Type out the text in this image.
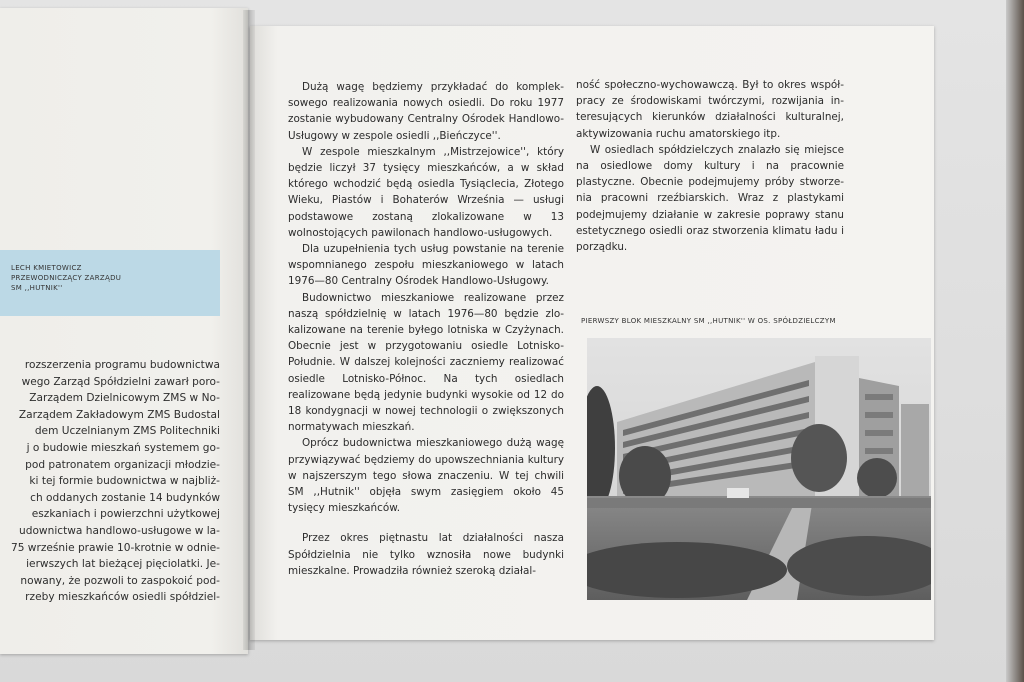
LECH KMIETOWICZ
PRZEWODNICZĄCY ZARZĄDU
SM ,,HUTNIK''
rozszerzenia programu budownictwa
wego Zarząd Spółdzielni zawarł poro-
Zarządem Dzielnicowym ZMS w No-
Zarządem Zakładowym ZMS Budostal
dem Uczelnianym ZMS Politechniki
j o budowie mieszkań systemem go-
pod patronatem organizacji młodzie-
ki tej formie budownictwa w najbliż-
ch oddanych zostanie 14 budynków
eszkaniach i powierzchni użytkowej
udownictwa handlowo-usługowe w la-
75 wrześnie prawie 10-krotnie w odnie-
ierwszych lat bieżącej pięciolatki. Je-
nowany, że pozwoli to zaspokoić pod-
rzeby mieszkańców osiedli spółdziel-

Dużą wagę będziemy przykładać do kompleksowego realizowania nowych osiedli. Do roku 1977 zostanie wybudowany Centralny Ośrodek Handlowo-Usługowy w zespole osiedli ,,Bieńczyce''.

W zespole mieszkalnym ,,Mistrzejowice'', który będzie liczył 37 tysięcy mieszkańców, a w skład którego wchodzić będą osiedla Tysiąclecia, Złotego Wieku, Piastów i Bohaterów Września — usługi podstawowe zostaną zlokalizowane w 13 wolnostojących pawilonach handlowo-usługowych.

Dla uzupełnienia tych usług powstanie na terenie wspomnianego zespołu mieszkaniowego w latach 1976—80 Centralny Ośrodek Handlowo-Usługowy.

Budownictwo mieszkaniowe realizowane przez naszą spółdzielnię w latach 1976—80 będzie zlokalizowane na terenie byłego lotniska w Czyżynach. Obecnie jest w przygotowaniu osiedle Lotnisko-Południe. W dalszej kolejności zaczniemy realizować osiedle Lotnisko-Północ. Na tych osiedlach realizowane będą jedynie budynki wysokie od 12 do 18 kondygnacji w nowej technologii o zwiększonych normatywach mieszkań.

Oprócz budownictwa mieszkaniowego dużą wagę przywiązywać będziemy do upowszechniania kultury w najszerszym tego słowa znaczeniu. W tej chwili SM ,,Hutnik'' objęła swym zasięgiem około 45 tysięcy mieszkańców.

Przez okres piętnastu lat działalności nasza Spółdzielnia nie tylko wznosiła nowe budynki mieszkalne. Prowadziła również szeroką działal-

ność społeczno-wychowawczą. Był to okres współpracy ze środowiskami twórczymi, rozwijania interesujących kierunków działalności kulturalnej, aktywizowania ruchu amatorskiego itp.

W osiedlach spółdzielczych znalazło się miejsce na osiedlowe domy kultury i na pracownie plastyczne. Obecnie podejmujemy próby stworzenia pracowni rzeźbiarskich. Wraz z plastykami podejmujemy działanie w zakresie poprawy stanu estetycznego osiedli oraz stworzenia klimatu ładu i porządku.

PIERWSZY BLOK MIESZKALNY SM ,,HUTNIK'' W OS. SPÓŁDZIELCZYM
